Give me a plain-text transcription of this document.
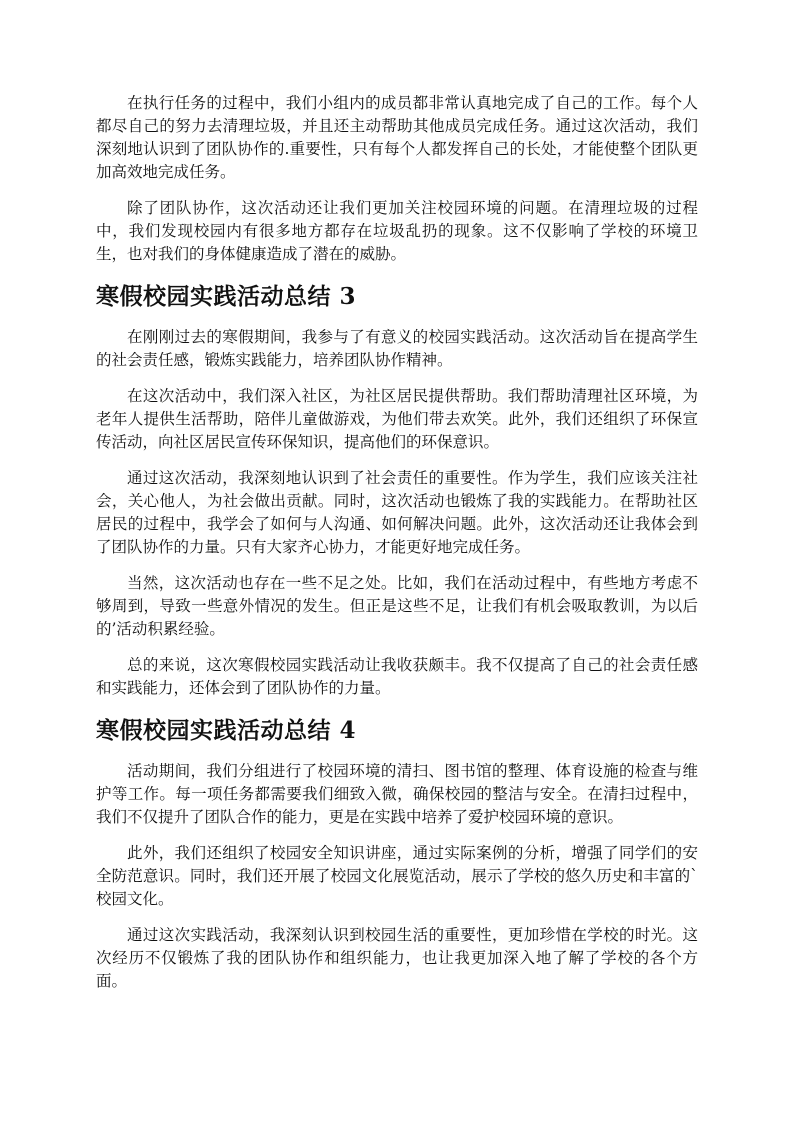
在执行任务的过程中，我们小组内的成员都非常认真地完成了自己的工作。每个人都尽自己的努力去清理垃圾，并且还主动帮助其他成员完成任务。通过这次活动，我们深刻地认识到了团队协作的.重要性，只有每个人都发挥自己的长处，才能使整个团队更加高效地完成任务。

除了团队协作，这次活动还让我们更加关注校园环境的问题。在清理垃圾的过程中，我们发现校园内有很多地方都存在垃圾乱扔的现象。这不仅影响了学校的环境卫生，也对我们的身体健康造成了潜在的威胁。

寒假校园实践活动总结 3

在刚刚过去的寒假期间，我参与了有意义的校园实践活动。这次活动旨在提高学生的社会责任感，锻炼实践能力，培养团队协作精神。

在这次活动中，我们深入社区，为社区居民提供帮助。我们帮助清理社区环境，为老年人提供生活帮助，陪伴儿童做游戏，为他们带去欢笑。此外，我们还组织了环保宣传活动，向社区居民宣传环保知识，提高他们的环保意识。

通过这次活动，我深刻地认识到了社会责任的重要性。作为学生，我们应该关注社会，关心他人，为社会做出贡献。同时，这次活动也锻炼了我的实践能力。在帮助社区居民的过程中，我学会了如何与人沟通、如何解决问题。此外，这次活动还让我体会到了团队协作的力量。只有大家齐心协力，才能更好地完成任务。

当然，这次活动也存在一些不足之处。比如，我们在活动过程中，有些地方考虑不够周到，导致一些意外情况的发生。但正是这些不足，让我们有机会吸取教训，为以后的’活动积累经验。

总的来说，这次寒假校园实践活动让我收获颇丰。我不仅提高了自己的社会责任感和实践能力，还体会到了团队协作的力量。

寒假校园实践活动总结 4

活动期间，我们分组进行了校园环境的清扫、图书馆的整理、体育设施的检查与维护等工作。每一项任务都需要我们细致入微，确保校园的整洁与安全。在清扫过程中，我们不仅提升了团队合作的能力，更是在实践中培养了爱护校园环境的意识。

此外，我们还组织了校园安全知识讲座，通过实际案例的分析，增强了同学们的安全防范意识。同时，我们还开展了校园文化展览活动，展示了学校的悠久历史和丰富的`校园文化。

通过这次实践活动，我深刻认识到校园生活的重要性，更加珍惜在学校的时光。这次经历不仅锻炼了我的团队协作和组织能力，也让我更加深入地了解了学校的各个方面。
